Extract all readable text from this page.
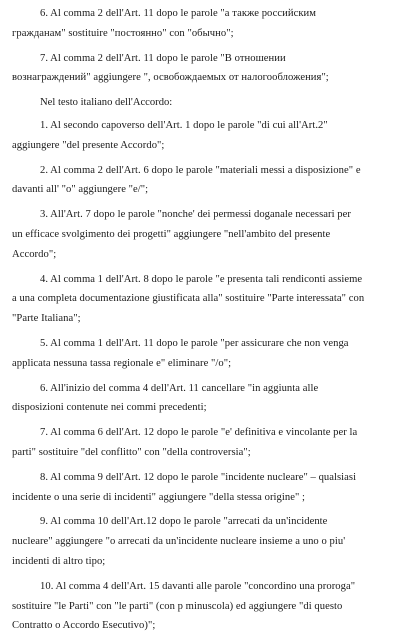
6. Al comma 2 dell'Art. 11 dopo le parole "а также российским
гражданам" sostituire "постоянно" con "обычно";
7. Al comma 2 dell'Art. 11 dopo le parole "В отношении
вознаграждений" aggiungere ", освобождаемых от налогообложения";
Nel testo italiano dell'Accordo:
1. Al secondo capoverso dell'Art. 1 dopo le parole "di cui all'Art.2"
aggiungere "del presente Accordo";
2. Al comma 2 dell'Art. 6 dopo le parole "materiali messi a disposizione" e
davanti all' "o" aggiungere "e/";
3. All'Art. 7 dopo le parole "nonche' dei permessi doganale necessari per
un efficace svolgimento dei progetti" aggiungere "nell'ambito del presente
Accordo";
4. Al comma 1 dell'Art. 8 dopo le parole "e presenta tali rendiconti assieme
a una completa documentazione giustificata alla" sostituire "Parte interessata" con
"Parte Italiana";
5. Al comma 1 dell'Art. 11 dopo le parole "per assicurare che non venga
applicata nessuna tassa regionale e" eliminare "/o";
6. All'inizio del comma 4 dell'Art. 11 cancellare "in aggiunta alle
disposizioni contenute nei commi precedenti;
7. Al comma 6 dell'Art. 12 dopo le parole "e' definitiva e vincolante per la
parti" sostituire "del conflitto" con "della controversia";
8. Al comma 9 dell'Art. 12 dopo le parole "incidente nucleare" – qualsiasi
incidente o una serie di incidenti" aggiungere "della stessa origine" ;
9. Al comma 10 dell'Art.12 dopo le parole "arrecati da un'incidente
nucleare" aggiungere "o arrecati da un'incidente nucleare insieme a uno o piu'
incidenti di altro tipo;
10. Al comma 4 dell'Art. 15 davanti alle parole "concordino una proroga"
sostituire "le Parti" con "le parti" (con p minuscola) ed aggiungere "di questo
Contratto o Accordo Esecutivo)";
